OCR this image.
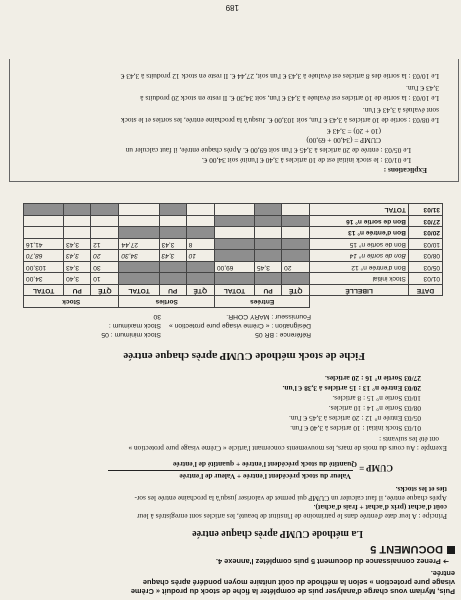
Puis, Myriam vous charge d'analyser puis de compléter la fiche de stock du produit « Crème
visage pure protection » selon la méthode du coût unitaire moyen pondéré après chaque
entrée.
➔ Prenez connaissance du document 5 puis complétez l'annexe 4.
DOCUMENT 5
La méthode CUMP après chaque entrée
Principe : A leur date d'entrée dans le patrimoine de l'institut de beauté, les articles sont enregistrés à leur
coût d'achat (prix d'achat + frais d'achat).
Après chaque entrée, il faut calculer un CUMP qui permet de valoriser jusqu'à la prochaine entrée les sor-
ties et les stocks.
Valeur du stock précédent l'entrée + Valeur de l'entrée
CUMP =
Quantité du stock précédent l'entrée + quantité de l'entrée
Exemple : Au cours du mois de mars, les mouvements concernant l'article « Crème visage pure protection »
ont été les suivants :
01/03 Stock initial : 10 articles à 3,40 € l'un.
05/03 Entrée n° 12 : 20 articles à 3,45 € l'un.
08/03 Sortie n° 14 : 10 articles.
10/03 Sortie n° 15 : 8 articles.
20/03 Entrée n° 13 : 15 articles à 3,38 € l'un.
27/03 Sortie n° 16 : 20 articles.
Fiche de stock méthode CUMP après chaque entrée
Référence : BR 05
Stock minimum : 05
Désignation : « Crème visage pure protection »
Stock maximum : 30	Fournisseur : MARY COHR.
		Entrées			Sorties			Stock		
DATE	LIBELLÉ	QTÉ	PU	TOTAL	QTÉ	PU	TOTAL	QTÉ	PU	TOTAL
01/03	Stock initial							10	3,40	34,00
05/03	Bon d'entrée n° 12	20	3,45	69,00				30	3,43	103,00
08/03	Bon de sortie n° 14				10	3,43	34,30	20	3,43	68,70
10/03	Bon de sortie n° 15				8	3,43	27,44	12	3,43	41,16
20/03	Bon d'entrée n° 13									
27/03	Bon de sortie n° 16									
31/03	TOTAL									
Explications :
Le 01/03 : le stock initial est de 10 articles à 3,40 € l'unité soit 34,00 €.
Le 05/03 : entrée de 20 articles à 3,45 € l'un soit 69,00 €. Après chaque entrée, il faut calculer un
CUMP = (34,00 + 69,00)
(10 + 20) = 3,43 €
Le 08/03 : sortie de 10 articles à 3,43 € l'un, soit 103,00 €. Jusqu'à la prochaine entrée, les sorties et le stock
sont évalués à 3,43 € l'un.
Le 10/03 : la sortie de 10 articles est évaluée à 3,43 € l'un, soit 34,30 €. Il reste en stock 20 produits à
3,43 € l'un.
Le 10/03 : la sortie des 8 articles est évaluée à 3,43 € l'un soit, 27,44 €. Il reste en stock 12 produits à 3,43 €
189
